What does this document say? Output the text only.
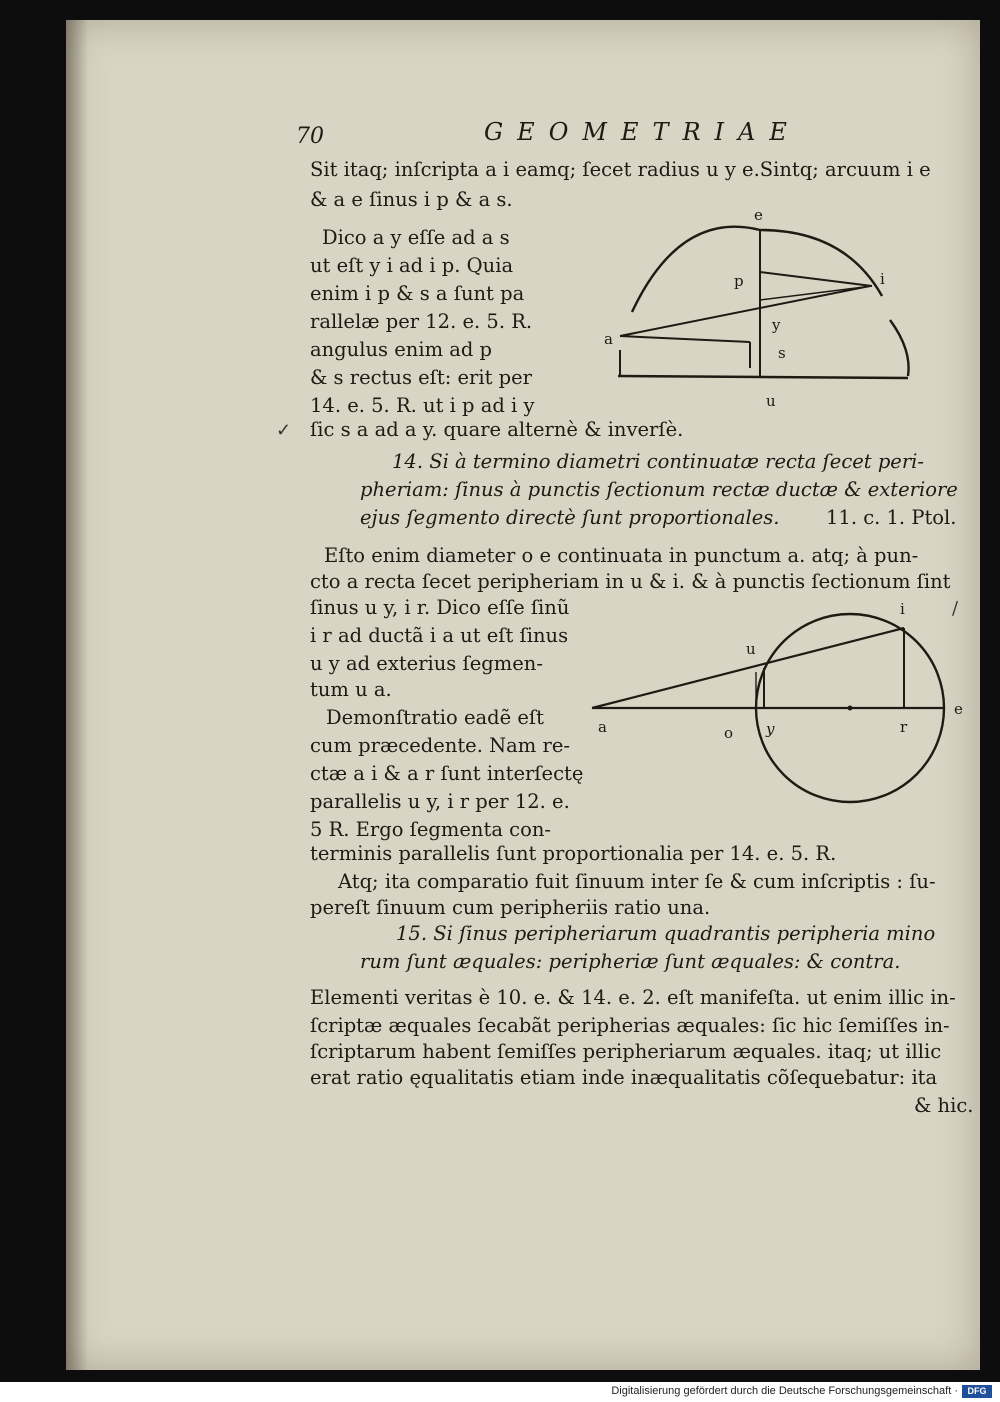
70	GEOMETRIAE
Sit itaq; inſcripta a i eamq; ſecet radius u y e.Sintq; arcuum i e
& a e ſinus i p & a s.
Dico a y eſſe ad a s
ut eſt y i ad i p. Quia
enim i p & s a ſunt pa
rallelæ per 12. e. 5. R.
angulus enim ad p
& s rectus eſt: erit per
14. e. 5. R. ut i p ad i y
ſic s a ad a y. quare alternè & inverſè.
✓
e
p	i
a
y
s
u
14. Si à termino diametri continuatæ recta ſecet peri-
pheriam: ſinus à punctis ſectionum rectæ ductæ & exteriore
ejus ſegmento directè ſunt proportionales. 11. c. 1. Ptol.
Eſto enim diameter o e continuata in punctum a. atq; à pun-
cto a recta ſecet peripheriam in u & i. & à punctis ſectionum ſint
ſinus u y, i r. Dico eſſe ſinũ
i r ad ductã i a ut eſt ſinus
u y ad exterius ſegmen-
tum u a.
Demonſtratio eadẽ eſt
cum præcedente. Nam re-
ctæ a i & a r ſunt interſectę
parallelis u y, i r per 12. e.
5 R. Ergo ſegmenta con-
terminis parallelis ſunt proportionalia per 14. e. 5. R.
Atq; ita comparatio fuit ſinuum inter ſe & cum inſcriptis : ſu-
pereſt ſinuum cum peripheriis ratio una.
i
u
a	o y	r
e
/
15. Si ſinus peripheriarum quadrantis peripheria mino
rum ſunt æquales: peripheriæ ſunt æquales: & contra.
Elementi veritas è 10. e. & 14. e. 2. eſt manifeſta. ut enim illic in-
ſcriptæ æquales ſecabãt peripherias æquales: ſic hic ſemiſſes in-
ſcriptarum habent ſemiſſes peripheriarum æquales. itaq; ut illic
erat ratio ęqualitatis etiam inde inæqualitatis cõſequebatur: ita
& hic.
Digitalisierung gefördert durch die Deutsche Forschungsgemeinschaft ·	DFG
